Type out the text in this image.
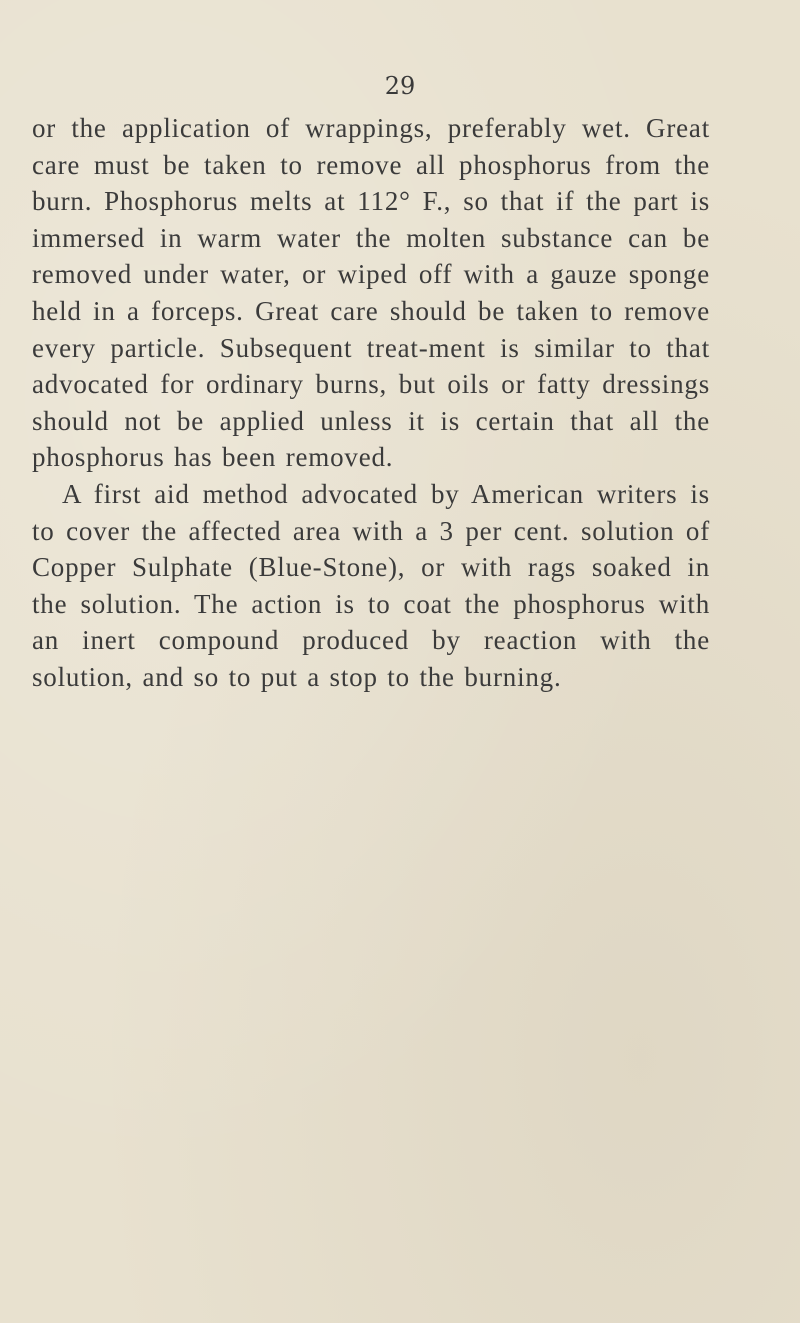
29

or the application of wrappings, preferably wet. Great care must be taken to remove all phosphorus from the burn. Phosphorus melts at 112° F., so that if the part is immersed in warm water the molten substance can be removed under water, or wiped off with a gauze sponge held in a forceps. Great care should be taken to remove every particle. Subsequent treat-ment is similar to that advocated for ordinary burns, but oils or fatty dressings should not be applied unless it is certain that all the phosphorus has been removed.

A first aid method advocated by American writers is to cover the affected area with a 3 per cent. solution of Copper Sulphate (Blue-Stone), or with rags soaked in the solution. The action is to coat the phosphorus with an inert compound produced by reaction with the solution, and so to put a stop to the burning.
